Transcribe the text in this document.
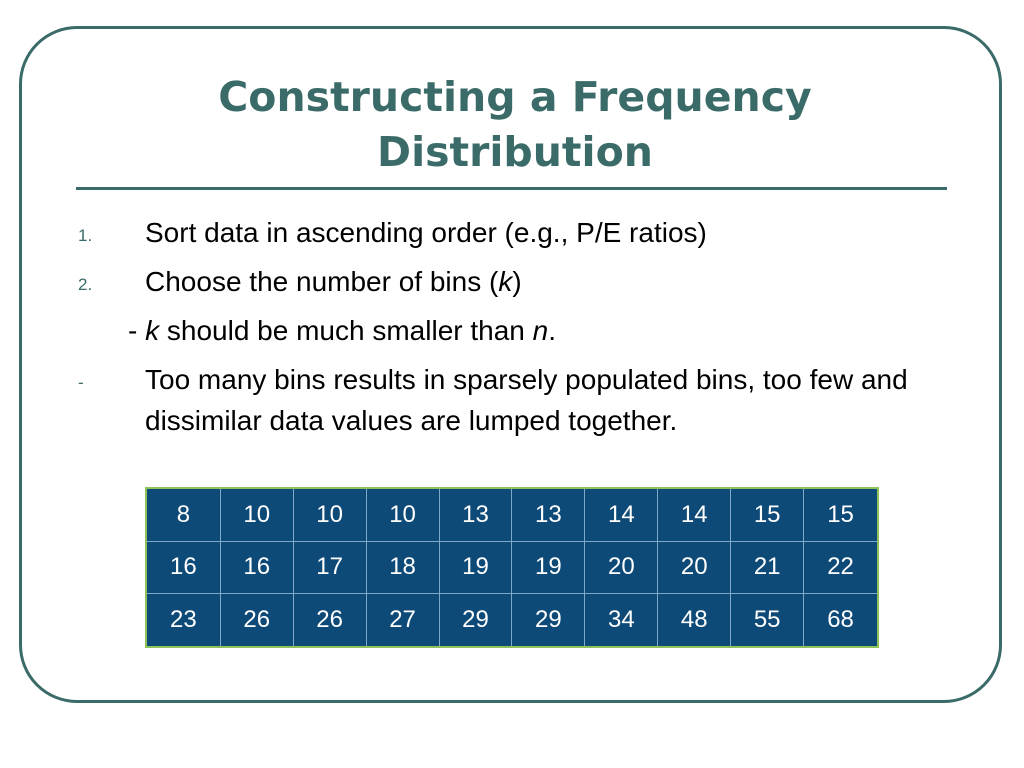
Constructing a Frequency
Distribution
1. Sort data in ascending order (e.g., P/E ratios)
2. Choose the number of bins (k)
- k should be much smaller than n.
- Too many bins results in sparsely populated bins, too few and dissimilar data values are lumped together.
8	10	10	10	13	13	14	14	15	15
16	16	17	18	19	19	20	20	21	22
23	26	26	27	29	29	34	48	55	68
